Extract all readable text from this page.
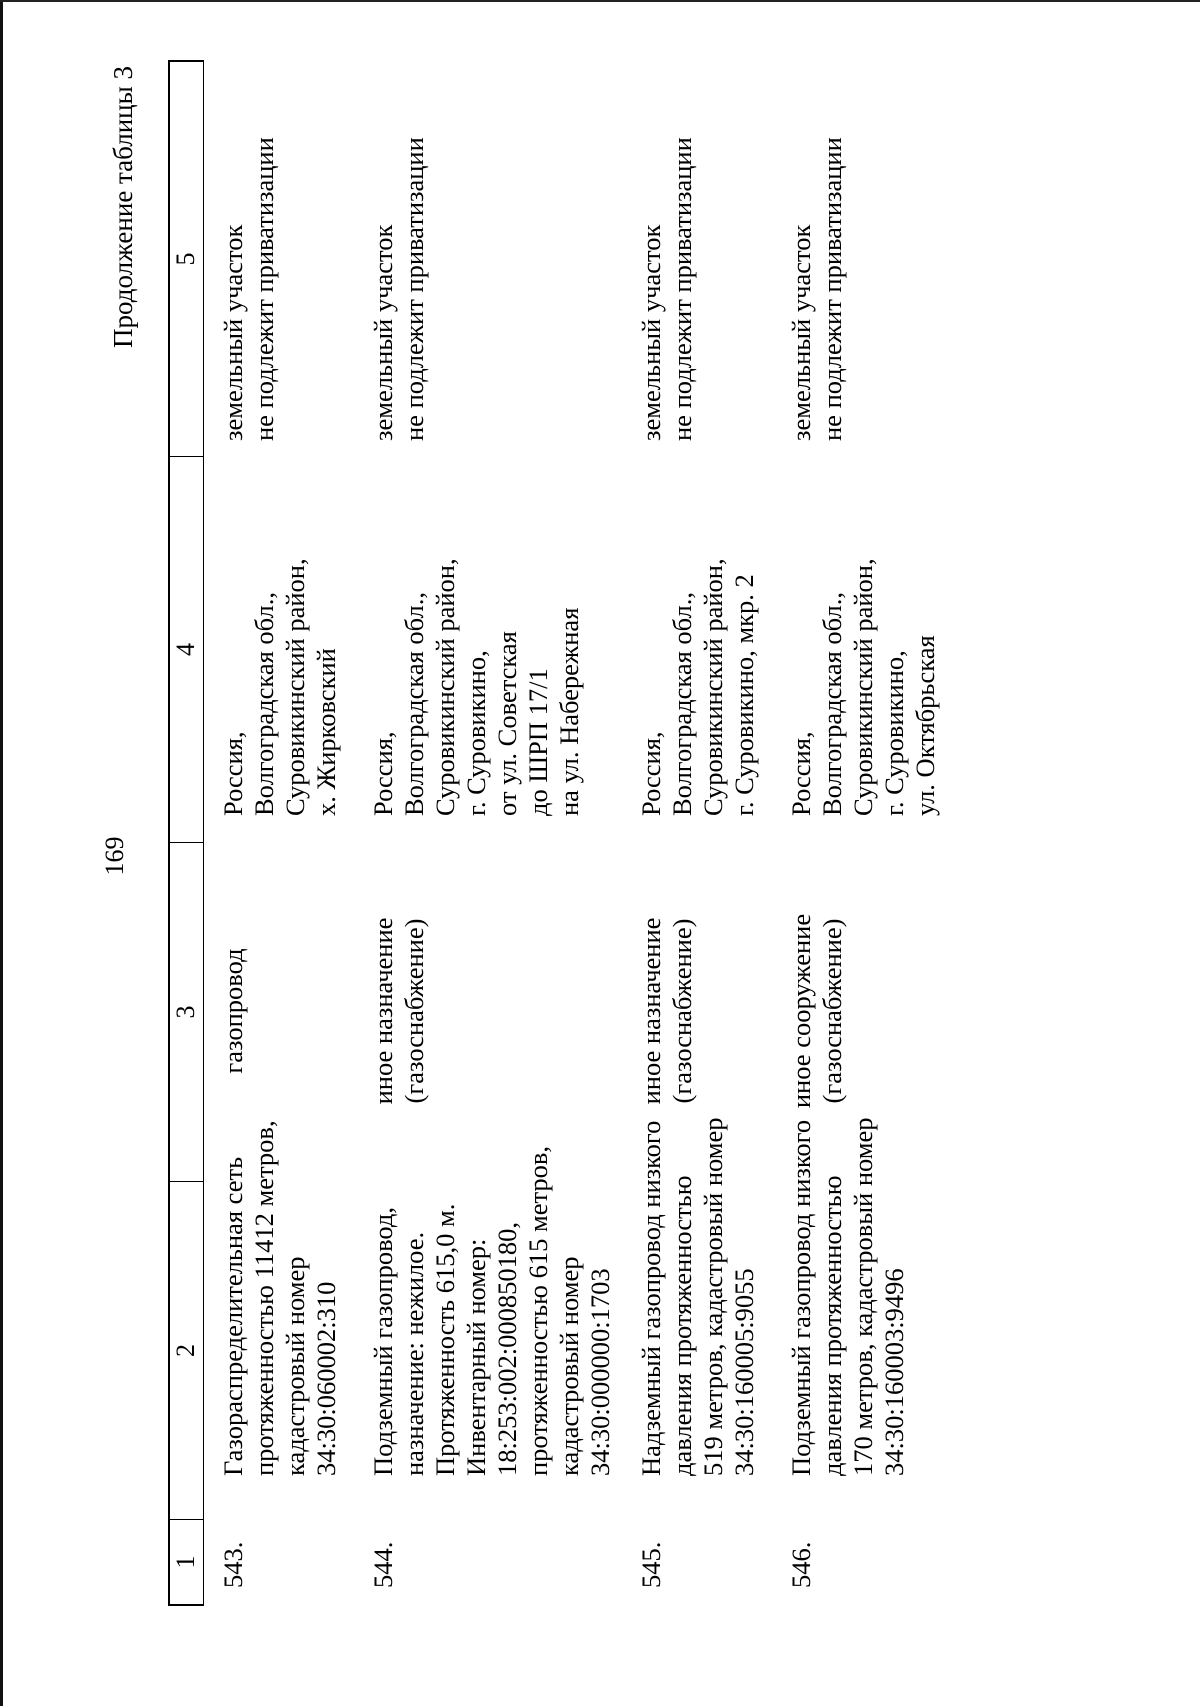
169
Продолжение таблицы 3
1
2
3
4
5
543.
Газораспределительная сеть протяженностью 11412 метров, кадастровый номер 34:30:060002:310
газопровод
Россия, Волгоградская обл., Суровикинский район, х. Жирковский
земельный участок не подлежит приватизации
544.
Подземный газопровод, назначение: нежилое. Протяженность 615,0 м. Инвентарный номер: 18:253:002:000850180, протяженностью 615 метров, кадастровый номер 34:30:000000:1703
иное назначение (газоснабжение)
Россия, Волгоградская обл., Суровикинский район, г. Суровикино, от ул. Советская до ШРП 17/1 на ул. Набережная
земельный участок не подлежит приватизации
545.
Надземный газопровод низкого давления протяженностью 519 метров, кадастровый номер 34:30:160005:9055
иное назначение (газоснабжение)
Россия, Волгоградская обл., Суровикинский район, г. Суровикино, мкр. 2
земельный участок не подлежит приватизации
546.
Подземный газопровод низкого давления протяженностью 170 метров, кадастровый номер 34:30:160003:9496
иное сооружение (газоснабжение)
Россия, Волгоградская обл., Суровикинский район, г. Суровикино, ул. Октябрьская
земельный участок не подлежит приватизации
